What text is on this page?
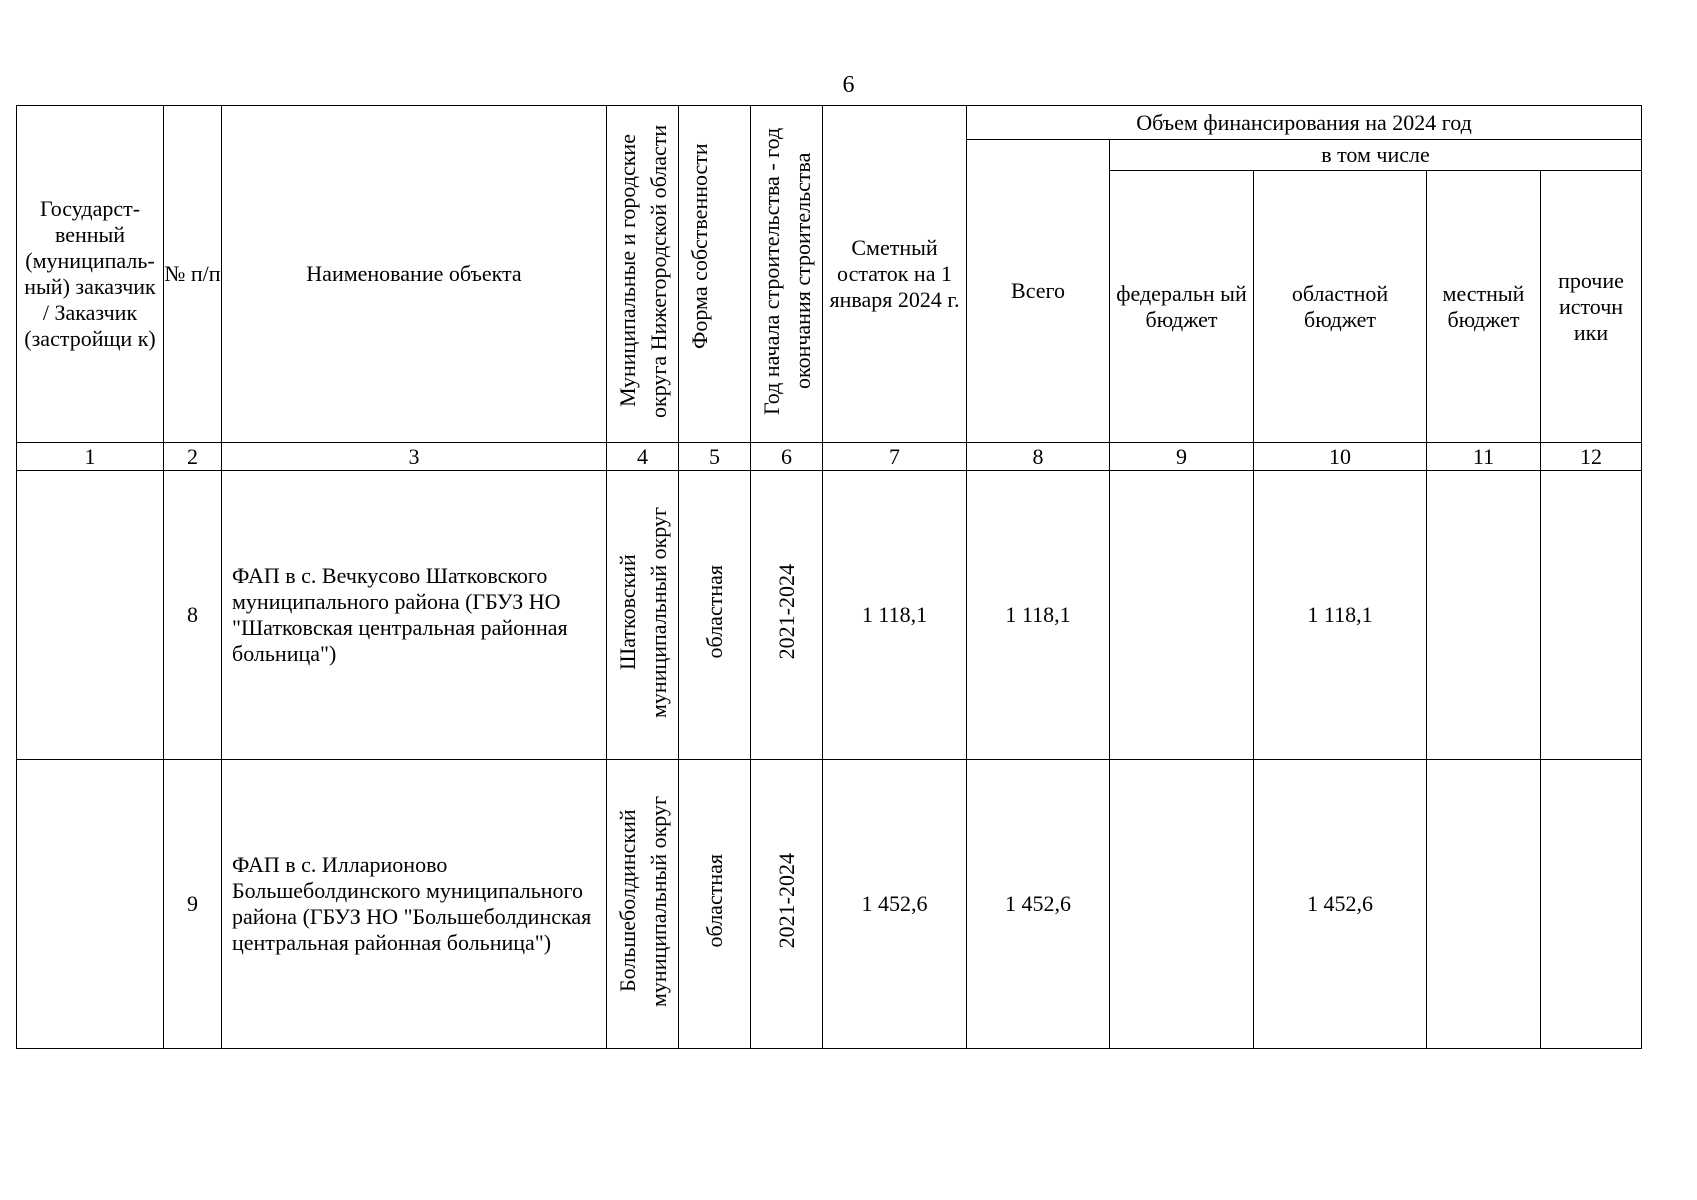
6
Государст-венный (муниципальный) заказчик / Заказчик (застройщи к)	№ п/п	Наименование объекта	Муниципальные и городские округа Нижегородской области	Форма собственности	Год начала строительства - год окончания строительства	Сметный остаток на 1 января 2024 г.	Объем финансирования на 2024 год				
							Всего	в том числе			
								федеральн ый бюджет	областной бюджет	местный бюджет	прочие источн ики
1	2	3	4	5	6	7	8	9	10	11	12
	8	ФАП в с. Вечкусово Шатковского муниципального района (ГБУЗ НО "Шатковская центральная районная больница")	Шатковский муниципальный округ	областная	2021-2024	1 118,1	1 118,1		1 118,1		
	9	ФАП в с. Илларионово Большеболдинского муниципального района (ГБУЗ НО "Большеболдинская центральная районная больница")	Большеболдинский муниципальный округ	областная	2021-2024	1 452,6	1 452,6		1 452,6		
